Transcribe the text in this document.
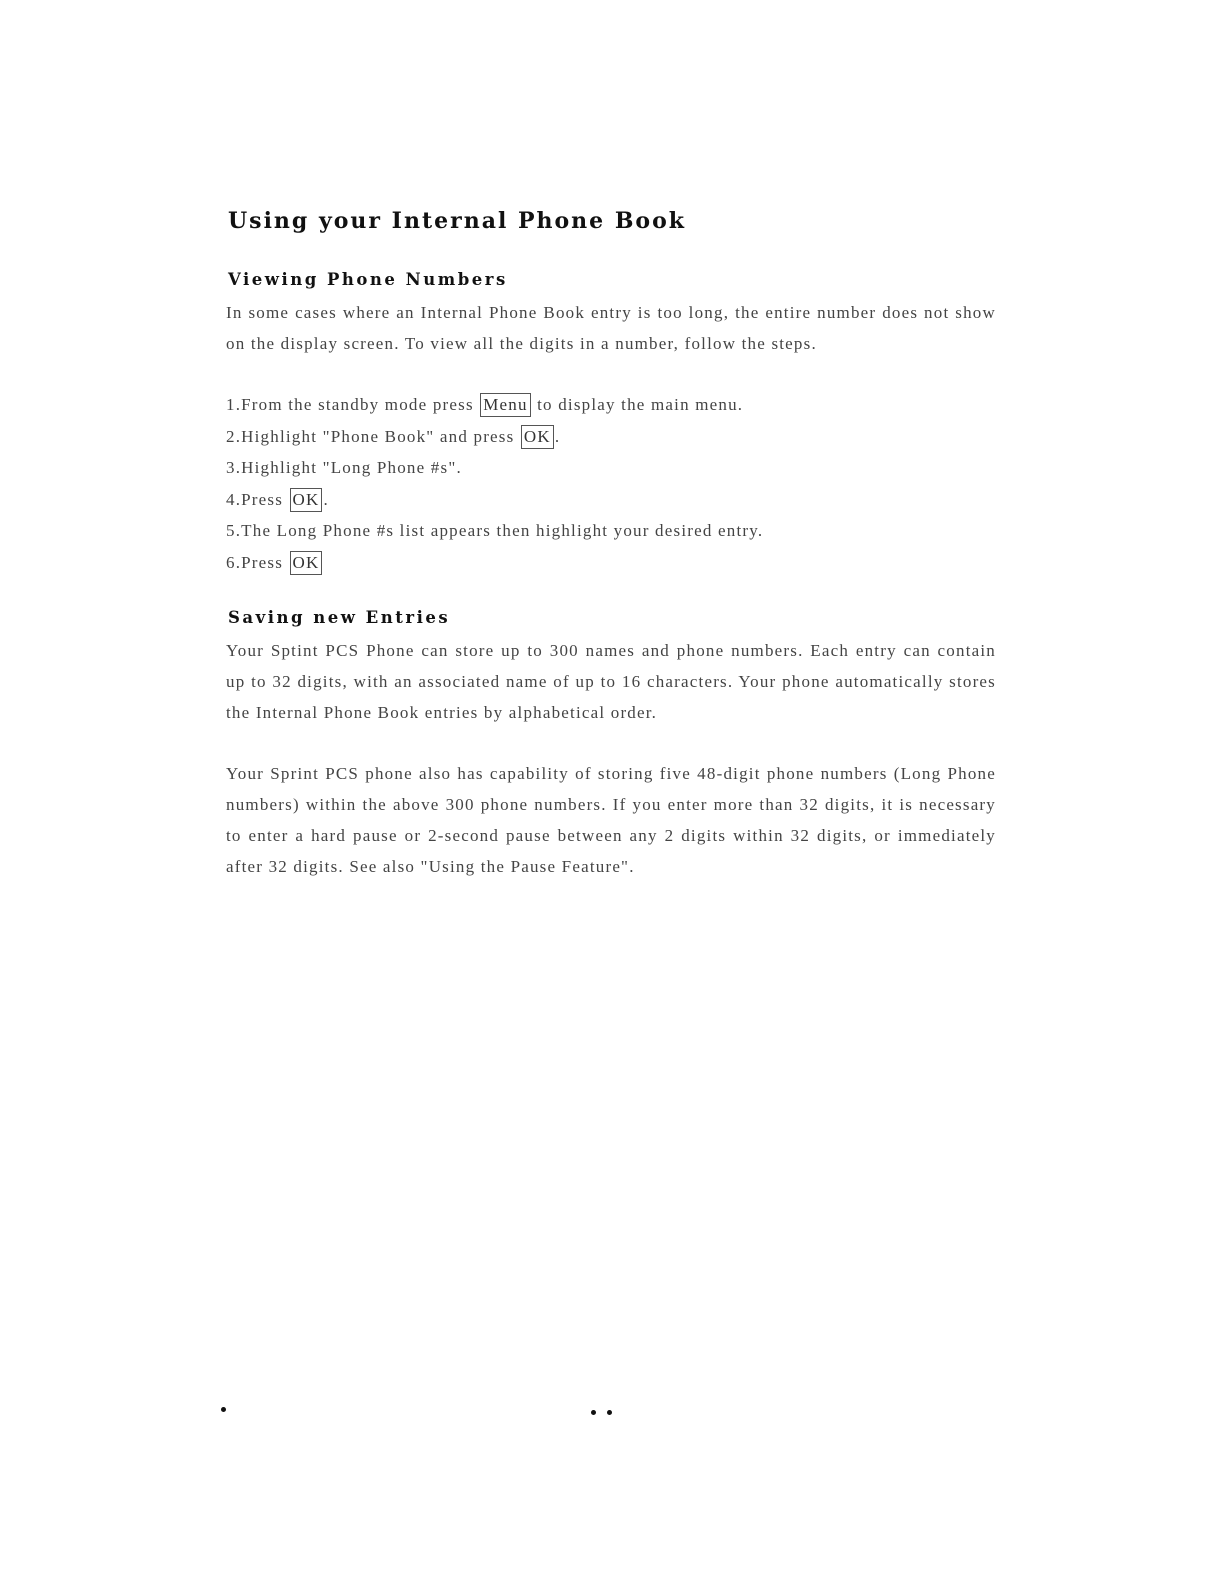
Using your Internal Phone Book
Viewing Phone Numbers

In some cases where an Internal Phone Book entry is too long, the entire number does not show on the display screen. To view all the digits in a number, follow the steps.

1.From the standby mode press Menu to display the main menu.
2.Highlight "Phone Book" and press OK .
3.Highlight "Long Phone #s".
4.Press OK .
5.The Long Phone #s list appears then highlight your desired entry.
6.Press OK
Saving new Entries

Your Sptint PCS Phone can store up to 300 names and phone numbers. Each entry can contain up to 32 digits, with an associated name of up to 16 characters. Your phone automatically stores the Internal Phone Book entries by alphabetical order.

Your Sprint PCS phone also has capability of storing five 48-digit phone numbers (Long Phone numbers) within the above 300 phone numbers. If you enter more than 32 digits, it is necessary to enter a hard pause or 2-second pause between any 2 digits within 32 digits, or immediately after 32 digits. See also "Using the Pause Feature".
